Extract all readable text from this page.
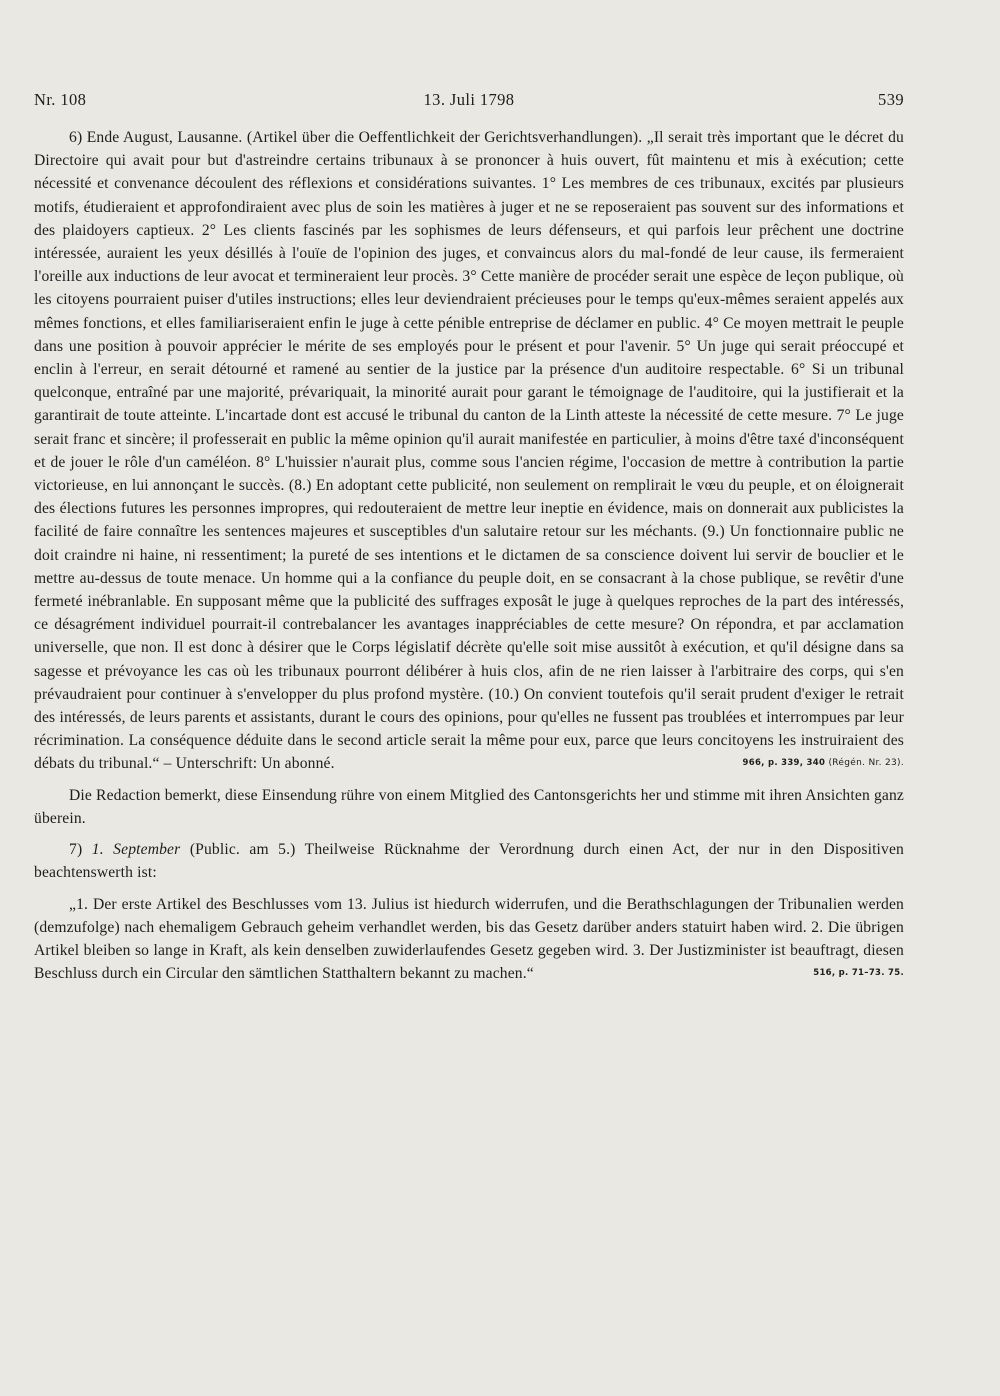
Nr. 108	13. Juli 1798	539

6) Ende August, Lausanne. (Artikel über die Oeffentlichkeit der Gerichtsverhandlungen). „Il serait très important que le décret du Directoire qui avait pour but d'astreindre certains tribunaux à se prononcer à huis ouvert, fût maintenu et mis à exécution; cette nécessité et convenance découlent des réflexions et considérations suivantes. 1° Les membres de ces tribunaux, excités par plusieurs motifs, étudieraient et approfondiraient avec plus de soin les matières à juger et ne se reposeraient pas souvent sur des informations et des plaidoyers captieux. 2° Les clients fascinés par les sophismes de leurs défenseurs, et qui parfois leur prêchent une doctrine intéressée, auraient les yeux désillés à l'ouïe de l'opinion des juges, et convaincus alors du mal-fondé de leur cause, ils fermeraient l'oreille aux inductions de leur avocat et termineraient leur procès. 3° Cette manière de procéder serait une espèce de leçon publique, où les citoyens pourraient puiser d'utiles instructions; elles leur deviendraient précieuses pour le temps qu'eux-mêmes seraient appelés aux mêmes fonctions, et elles familiariseraient enfin le juge à cette pénible entreprise de déclamer en public. 4° Ce moyen mettrait le peuple dans une position à pouvoir apprécier le mérite de ses employés pour le présent et pour l'avenir. 5° Un juge qui serait préoccupé et enclin à l'erreur, en serait détourné et ramené au sentier de la justice par la présence d'un auditoire respectable. 6° Si un tribunal quelconque, entraîné par une majorité, prévariquait, la minorité aurait pour garant le témoignage de l'auditoire, qui la justifierait et la garantirait de toute atteinte. L'incartade dont est accusé le tribunal du canton de la Linth atteste la nécessité de cette mesure. 7° Le juge serait franc et sincère; il professerait en public la même opinion qu'il aurait manifestée en particulier, à moins d'être taxé d'inconséquent et de jouer le rôle d'un caméléon. 8° L'huissier n'aurait plus, comme sous l'ancien régime, l'occasion de mettre à contribution la partie victorieuse, en lui annonçant le succès. (8.) En adoptant cette publicité, non seulement on remplirait le vœu du peuple, et on éloignerait des élections futures les personnes impropres, qui redouteraient de mettre leur ineptie en évidence, mais on donnerait aux publicistes la facilité de faire connaître les sentences majeures et susceptibles d'un salutaire retour sur les méchants. (9.) Un fonctionnaire public ne doit craindre ni haine, ni ressentiment; la pureté de ses intentions et le dictamen de sa conscience doivent lui servir de bouclier et le mettre au-dessus de toute menace. Un homme qui a la confiance du peuple doit, en se consacrant à la chose publique, se revêtir d'une fermeté inébranlable. En supposant même que la publicité des suffrages exposât le juge à quelques reproches de la part des intéressés, ce désagrément individuel pourrait-il contrebalancer les avantages inappréciables de cette mesure? On répondra, et par acclamation universelle, que non. Il est donc à désirer que le Corps législatif décrète qu'elle soit mise aussitôt à exécution, et qu'il désigne dans sa sagesse et prévoyance les cas où les tribunaux pourront délibérer à huis clos, afin de ne rien laisser à l'arbitraire des corps, qui s'en prévaudraient pour continuer à s'envelopper du plus profond mystère. (10.) On convient toutefois qu'il serait prudent d'exiger le retrait des intéressés, de leurs parents et assistants, durant le cours des opinions, pour qu'elles ne fussent pas troublées et interrompues par leur récrimination. La conséquence déduite dans le second article serait la même pour eux, parce que leurs concitoyens les instruiraient des débats du tribunal.“ – Unterschrift: Un abonné.	966, p. 339, 340 (Régén. Nr. 23).

Die Redaction bemerkt, diese Einsendung rühre von einem Mitglied des Cantonsgerichts her und stimme mit ihren Ansichten ganz überein.

7) 1. September (Public. am 5.) Theilweise Rücknahme der Verordnung durch einen Act, der nur in den Dispositiven beachtenswerth ist:

„1. Der erste Artikel des Beschlusses vom 13. Julius ist hiedurch widerrufen, und die Berathschlagungen der Tribunalien werden (demzufolge) nach ehemaligem Gebrauch geheim verhandlet werden, bis das Gesetz darüber anders statuirt haben wird. 2. Die übrigen Artikel bleiben so lange in Kraft, als kein denselben zuwiderlaufendes Gesetz gegeben wird. 3. Der Justizminister ist beauftragt, diesen Beschluss durch ein Circular den sämtlichen Statthaltern bekannt zu machen.“	516, p. 71–73. 75.
